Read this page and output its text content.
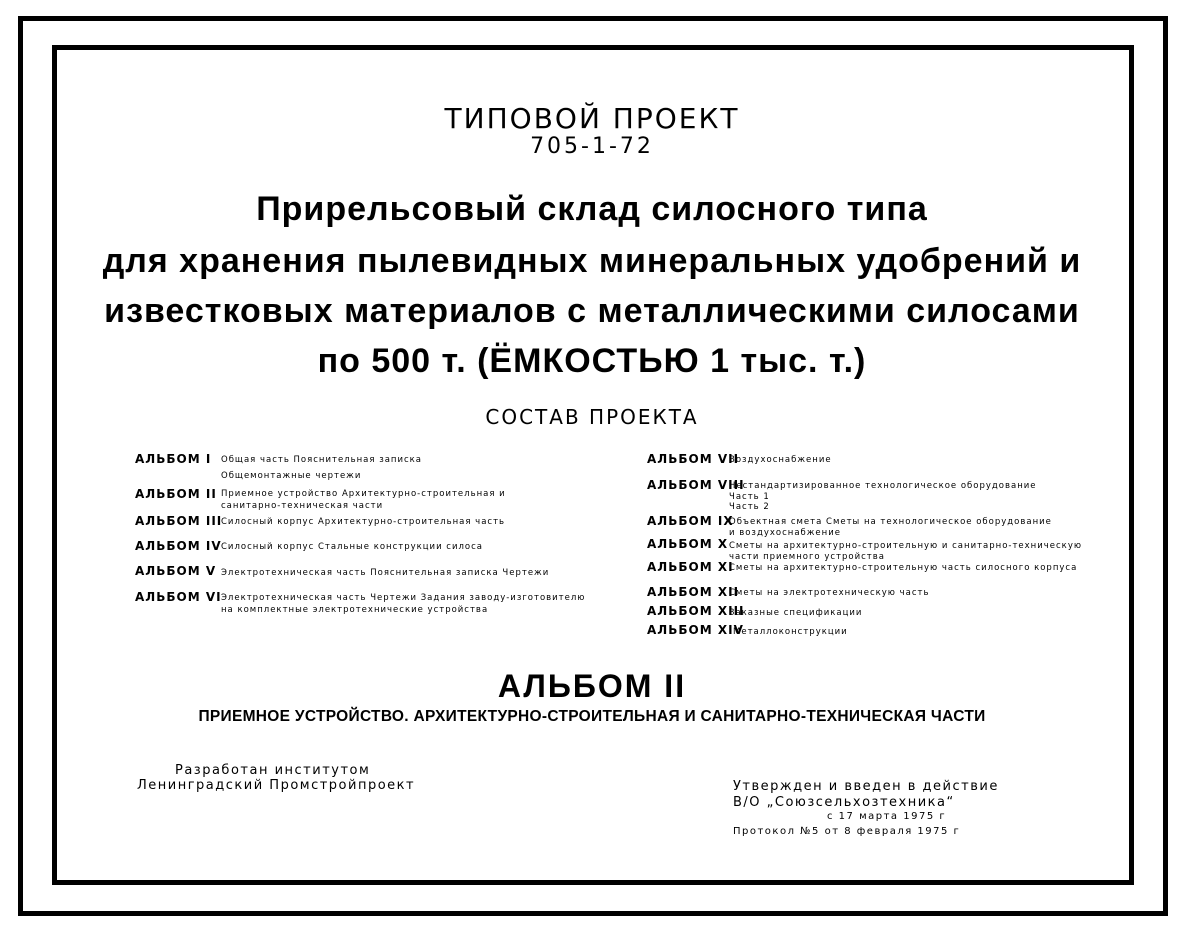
ТИПОВОЙ ПРОЕКТ
705-1-72
Прирельсовый склад силосного типа
для хранения пылевидных минеральных удобрений и
известковых материалов с металлическими силосами
по 500 т. (ЁМКОСТЬЮ 1 тыс. т.)
СОСТАВ ПРОЕКТА
АЛЬБОМ I Общая часть Пояснительная записка
Общемонтажные чертежи
АЛЬБОМ II Приемное устройство Архитектурно-строительная и
санитарно-техническая части
АЛЬБОМ III
Силосный корпус Архитектурно-строительная часть
АЛЬБОМ IV Силосный корпус Стальные конструкции силоса
АЛЬБОМ V Электротехническая часть Пояснительная записка Чертежи
АЛЬБОМ VI Электротехническая часть Чертежи Задания заводу-изготовителю
на комплектные электротехнические устройства
АЛЬБОМ VII
Воздухоснабжение
АЛЬБОМ VIII
Нестандартизированное технологическое оборудование
Часть 1
Часть 2
АЛЬБОМ IX
Объектная смета Сметы на технологическое оборудование
и воздухоснабжение
АЛЬБОМ X Сметы на архитектурно-строительную и санитарно-техническую
части приемного устройства
АЛЬБОМ XI
Сметы на архитектурно-строительную часть силосного корпуса
АЛЬБОМ XII
Сметы на электротехническую часть
АЛЬБОМ XIII
Заказные спецификации
АЛЬБОМ XIV
Металлоконструкции
АЛЬБОМ II
ПРИЕМНОЕ УСТРОЙСТВО. АРХИТЕКТУРНО-СТРОИТЕЛЬНАЯ И САНИТАРНО-ТЕХНИЧЕСКАЯ ЧАСТИ
Разработан институтом
Ленинградский Промстройпроект	Утвержден и введен в действие
В/О „Союзсельхозтехника“
с 17 марта 1975 г
Протокол №5 от 8 февраля 1975 г
